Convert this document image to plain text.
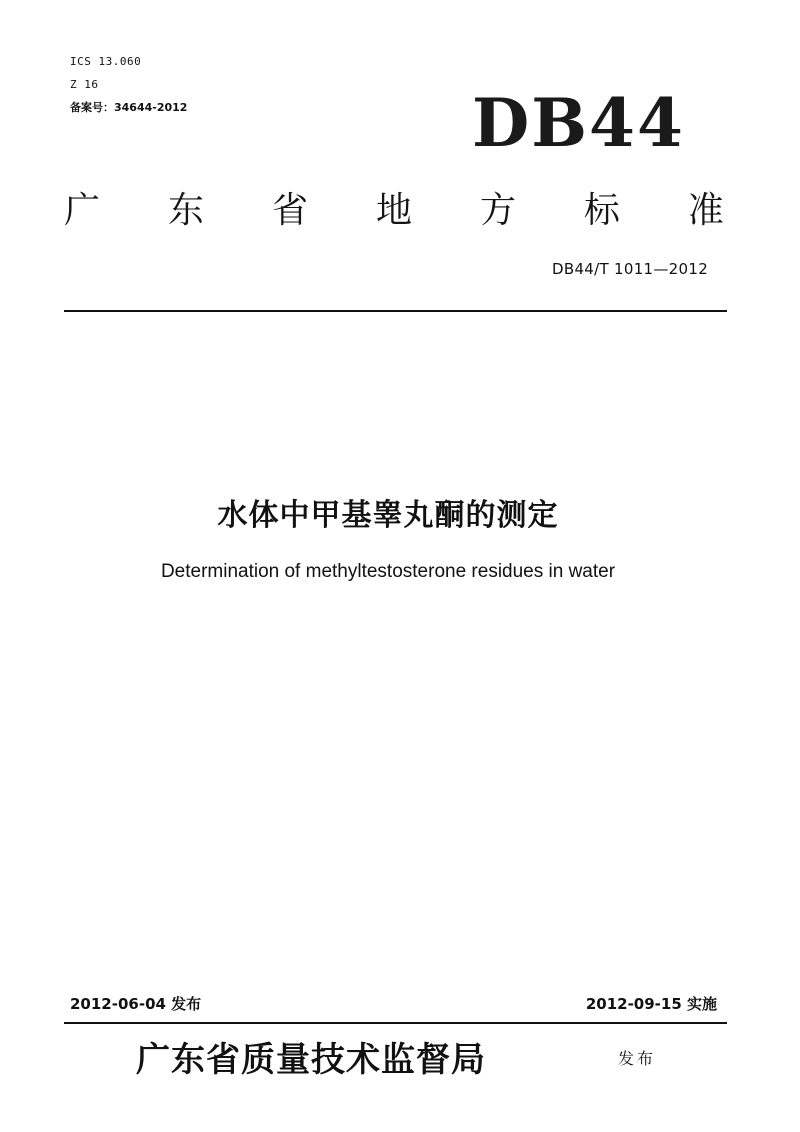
ICS 13.060
Z 16
备案号：34644-2012	DB44
广 东 省 地 方 标 准
DB44/T 1011—2012
水体中甲基睾丸酮的测定
Determination of methyltestosterone residues in water
2012-06-04 发布	2012-09-15 实施
广东省质量技术监督局	发布
